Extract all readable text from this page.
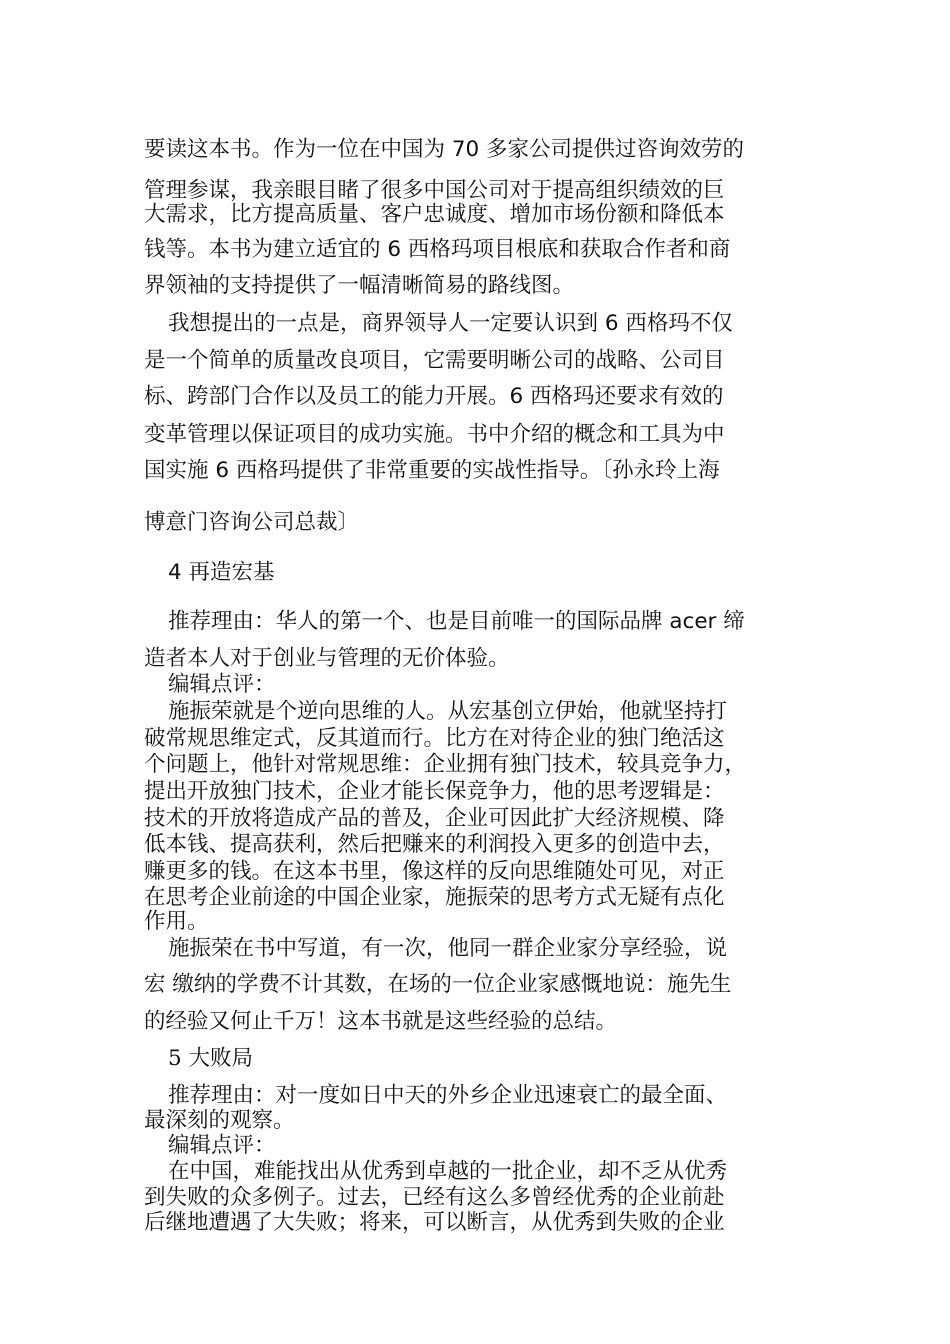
要读这本书。作为一位在中国为 70 多家公司提供过咨询效劳的
管理参谋，我亲眼目睹了很多中国公司对于提高组织绩效的巨
大需求，比方提高质量、客户忠诚度、增加市场份额和降低本
钱等。本书为建立适宜的 6 西格玛项目根底和获取合作者和商
界领袖的支持提供了一幅清晰简易的路线图。
我想提出的一点是，商界领导人一定要认识到 6 西格玛不仅
是一个简单的质量改良项目，它需要明晰公司的战略、公司目
标、跨部门合作以及员工的能力开展。6 西格玛还要求有效的
变革管理以保证项目的成功实施。书中介绍的概念和工具为中
国实施 6 西格玛提供了非常重要的实战性指导。〔孙永玲上海
博意门咨询公司总裁〕
4 再造宏基
推荐理由：华人的第一个、也是目前唯一的国际品牌 acer 缔
造者本人对于创业与管理的无价体验。
编辑点评：
施振荣就是个逆向思维的人。从宏基创立伊始，他就坚持打
破常规思维定式，反其道而行。比方在对待企业的独门绝活这
个问题上，他针对常规思维：企业拥有独门技术，较具竞争力，
提出开放独门技术，企业才能长保竞争力，他的思考逻辑是：
技术的开放将造成产品的普及，企业可因此扩大经济规模、降
低本钱、提高获利，然后把赚来的利润投入更多的创造中去，
赚更多的钱。在这本书里，像这样的反向思维随处可见，对正
在思考企业前途的中国企业家，施振荣的思考方式无疑有点化
作用。
施振荣在书中写道，有一次，他同一群企业家分享经验，说
宏 缴纳的学费不计其数，在场的一位企业家感慨地说：施先生
的经验又何止千万！这本书就是这些经验的总结。
5 大败局
推荐理由：对一度如日中天的外乡企业迅速衰亡的最全面、
最深刻的观察。
编辑点评：
在中国，难能找出从优秀到卓越的一批企业，却不乏从优秀
到失败的众多例子。过去，已经有这么多曾经优秀的企业前赴
后继地遭遇了大失败；将来，可以断言，从优秀到失败的企业
